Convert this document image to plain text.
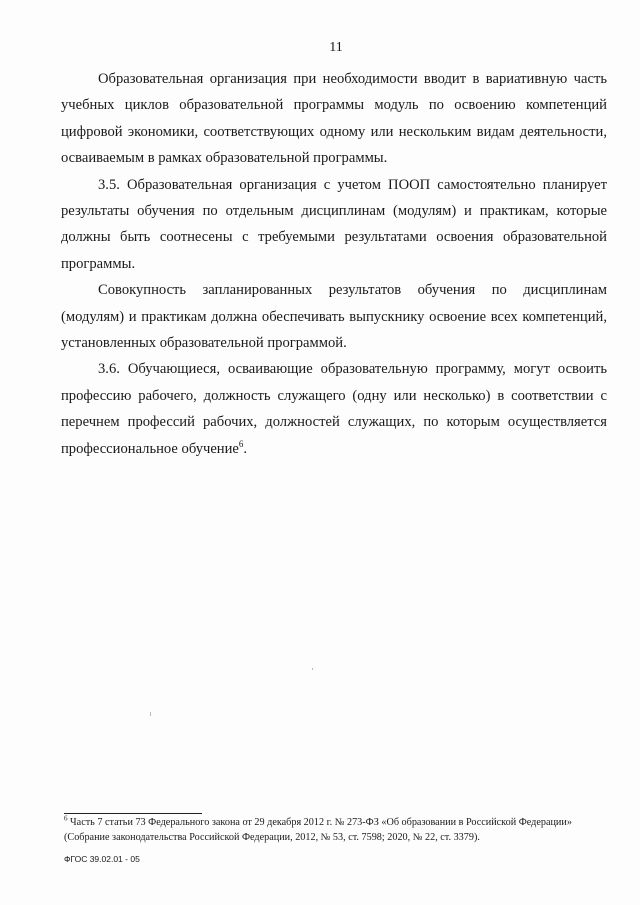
11

Образовательная организация при необходимости вводит в вариативную часть учебных циклов образовательной программы модуль по освоению компетенций цифровой экономики, соответствующих одному или нескольким видам деятельности, осваиваемым в рамках образовательной программы.

3.5. Образовательная организация с учетом ПООП самостоятельно планирует результаты обучения по отдельным дисциплинам (модулям) и практикам, которые должны быть соотнесены с требуемыми результатами освоения образовательной программы.

Совокупность запланированных результатов обучения по дисциплинам (модулям) и практикам должна обеспечивать выпускнику освоение всех компетенций, установленных образовательной программой.

3.6. Обучающиеся, осваивающие образовательную программу, могут освоить профессию рабочего, должность служащего (одну или несколько) в соответствии с перечнем профессий рабочих, должностей служащих, по которым осуществляется профессиональное обучение$^6$.

$^6$ Часть 7 статьи 73 Федерального закона от 29 декабря 2012 г. № 273-ФЗ «Об образовании в Российской Федерации» (Собрание законодательства Российской Федерации, 2012, № 53, ст. 7598; 2020, № 22, ст. 3379).
ФГОС 39.02.01 - 05
